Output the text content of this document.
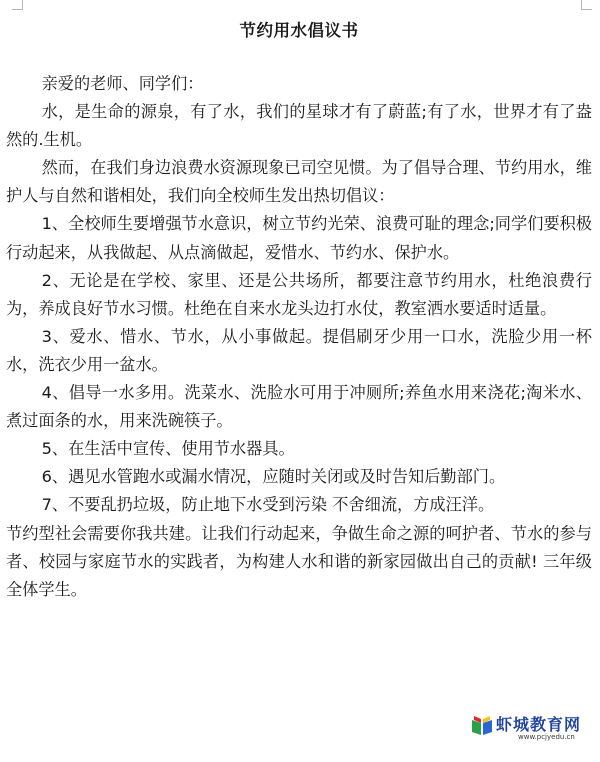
节约用水倡议书

亲爱的老师、同学们：

水，是生命的源泉，有了水，我们的星球才有了蔚蓝;有了水，世界才有了盎然的.生机。

然而，在我们身边浪费水资源现象已司空见惯。为了倡导合理、节约用水，维护人与自然和谐相处，我们向全校师生发出热切倡议：

1、全校师生要增强节水意识，树立节约光荣、浪费可耻的理念;同学们要积极行动起来，从我做起、从点滴做起，爱惜水、节约水、保护水。

2、无论是在学校、家里、还是公共场所，都要注意节约用水，杜绝浪费行为，养成良好节水习惯。杜绝在自来水龙头边打水仗，教室洒水要适时适量。

3、爱水、惜水、节水，从小事做起。提倡刷牙少用一口水，洗脸少用一杯水，洗衣少用一盆水。

4、倡导一水多用。洗菜水、洗脸水可用于冲厕所;养鱼水用来浇花;淘米水、煮过面条的水，用来洗碗筷子。

5、在生活中宣传、使用节水器具。

6、遇见水管跑水或漏水情况，应随时关闭或及时告知后勤部门。

7、不要乱扔垃圾，防止地下水受到污染 不舍细流，方成汪洋。

节约型社会需要你我共建。让我们行动起来，争做生命之源的呵护者、节水的参与者、校园与家庭节水的实践者，为构建人水和谐的新家园做出自己的贡献! 三年级全体学生。

虾城教育网
www.pcjyedu.cn
